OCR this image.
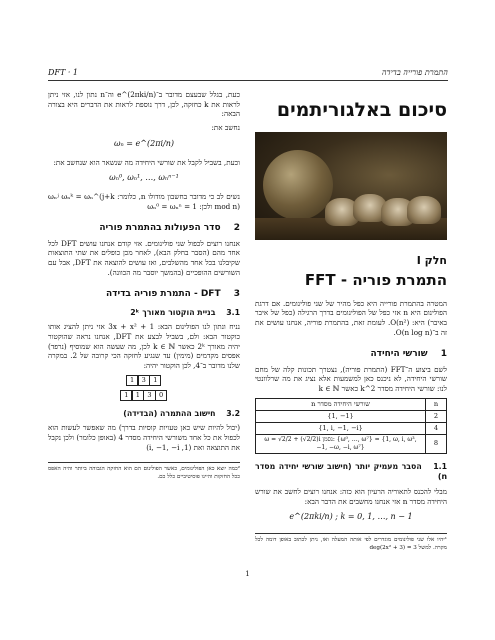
התמרת פורייה בדידה
DFT · 1
סיכום באלגוריתמים
חלק I
התמרת פוריה - FFT

המטרה בהתמרת פורייה היא כפל מהיר של שני פולינומים. אם דרגת הפולינום היא n אזי כפל של הפולינומים בדרך הרגילה (כפל של איבר באיבר) היא: O(n²). לעומת זאת, בהתמרת פוריה, אנחנו עושים את זה ב־O(n log n).

1 שורשי היחידה

לשם ביצוע ה־FFT (התמרת פוריה), נצטרך תכונות קלה של מחם שורשי היחידה, לא ניכנס כאן למשמעות אלא נציג את מה שרלוונטי לנו: שורשי היחידה מסדר 2^k כאשר k ∈ ℕ

n	שורשי היחידה מסדר n
2	{1, −1}
4	{1, i, −1, −i}
8	ω = √2/2 + (√2/2)i נסמן: {ω⁰, …, ω⁷} = {1, ω, i, ω³, −1, −ω, −i, ω⁷}
1.1 הסבר מעמיק יותר (חישוב שורשי יחידה מסדר n)

מבלי להכנס לתאוריה הרעיון הוא כזה: אנחנו רוצים לחשב את שורש היחידה מסדר n אזי אנחנו מחשבים את הדבר הבא:

e^(2πki/n) ; k = 0, 1, …, n − 1
¹יהיו אלו שני פולינומים מוגדרים לפי אותה המעלה ואז, ניתן לכתוב באופן דומה לכל מקרה. למשל deg(2x² + 3) = 3

כעת, בגלל שבעצם מדובר ב־e^(2πki/n) וה־n נתון לנו, אזי ניתן לראות את k כחזקה, לכן, דרך נוספת לראות את הדברים היא בצורה הבאה:

נחשב את:

ωₙ = e^(2πi/n)

וכעת, בשביל לקבל את שורשי היחידה מה שנשאר הוא שנחשב את:

ωₙ⁰, ωₙ¹, …, ωₙⁿ⁻¹

נשים לב כי מדובר בחשבון מודולו n, כלומר: ωₙʲ ωₙᵏ = ωₙ^(j+k mod n) ולכן: ωₙ⁰ = ωₙⁿ = 1

2 סדר הפעולות בהתמרת פוריה

אנחנו רוצים לכפול שני פולינומים. אזי קודם אנחנו עושים DFT לכל אחד מהם (הסבר בחלק הבא), לאחר מכן כופלים את שתי התוצאות שקיבלנו בכל אחד מהשלבים, ואז עושים להוצאה את DFT, אבל עם השורשים ההופכיים (בהמשך יוסבר מה הכוונה).

3 DFT - התמרת פוריה בדידה
3.1 בניית הוקטור מאורך 2ᵏ

נניח ונתון לנו הפולינום הבא: 1 + 3x + x² אזי ניתן להציג אותו כוקטור הבא: ולם, בשביל לבצע את DFT, אנחנו נראה שהוקטור יהיה מאורך 2ᵏ כאשר k ∈ ℕ לכן, מה שעשה הוא שמוסיף (נרפד) אפסים מקדמים (מימין) עד שנגיע לחזקה הכי קרובה של 2. במקרה שלנו מדובר ב־4, לכן הוקטור יהיה:

1 3 1
1 1 3 0
3.2 חישוב ההתמרה (הבדידה)

(יכול להיות שיש כאן טעויות קוסיות בדרך) מה שאפשר לעשות הוא לכפול את כל אחד משורשי היחידה מסדר 4 (באופן כלומר) ולכן נקבל את התוצאה ואת (1, i, −1, −i)

²כמה יוצא כאן הפולינומים, כאשר הפולינום הם הוא החזקה הגבוהה ביותר והיה האפס ככל החזקות והיינו פוסיטיביים כלל כם.
1
